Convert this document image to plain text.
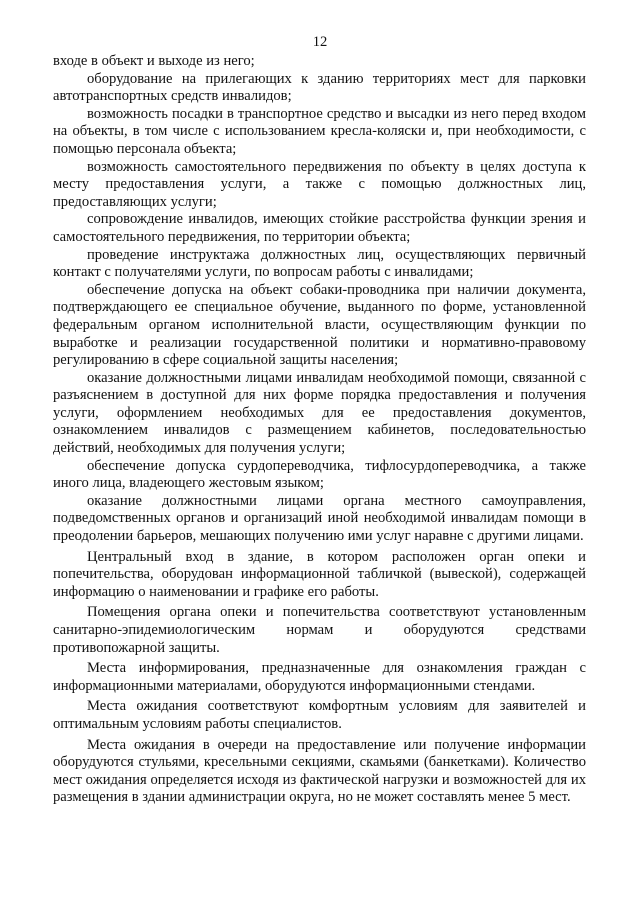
12

входе в объект и выходе из него;

оборудование на прилегающих к зданию территориях мест для парковки автотранспортных средств инвалидов;

возможность посадки в транспортное средство и высадки из него перед входом на объекты, в том числе с использованием кресла-коляски и, при необходимости, с помощью персонала объекта;

возможность самостоятельного передвижения по объекту в целях доступа к месту предоставления услуги, а также с помощью должностных лиц, предоставляющих услуги;

сопровождение инвалидов, имеющих стойкие расстройства функции зрения и самостоятельного передвижения, по территории объекта;

проведение инструктажа должностных лиц, осуществляющих первичный контакт с получателями услуги, по вопросам работы с инвалидами;

обеспечение допуска на объект собаки-проводника при наличии документа, подтверждающего ее специальное обучение, выданного по форме, установленной федеральным органом исполнительной власти, осуществляющим функции по выработке и реализации государственной политики и нормативно-правовому регулированию в сфере социальной защиты населения;

оказание должностными лицами инвалидам необходимой помощи, связанной с разъяснением в доступной для них форме порядка предоставления и получения услуги, оформлением необходимых для ее предоставления документов, ознакомлением инвалидов с размещением кабинетов, последовательностью действий, необходимых для получения услуги;

обеспечение допуска сурдопереводчика, тифлосурдопереводчика, а также иного лица, владеющего жестовым языком;

оказание должностными лицами органа местного самоуправления, подведомственных органов и организаций иной необходимой инвалидам помощи в преодолении барьеров, мешающих получению ими услуг наравне с другими лицами.

Центральный вход в здание, в котором расположен орган опеки и попечительства, оборудован информационной табличкой (вывеской), содержащей информацию о наименовании и графике его работы.

Помещения органа опеки и попечительства соответствуют установленным санитарно-эпидемиологическим нормам и оборудуются средствами противопожарной защиты.

Места информирования, предназначенные для ознакомления граждан с информационными материалами, оборудуются информационными стендами.

Места ожидания соответствуют комфортным условиям для заявителей и оптимальным условиям работы специалистов.

Места ожидания в очереди на предоставление или получение информации оборудуются стульями, кресельными секциями, скамьями (банкетками). Количество мест ожидания определяется исходя из фактической нагрузки и возможностей для их размещения в здании администрации округа, но не может составлять менее 5 мест.
